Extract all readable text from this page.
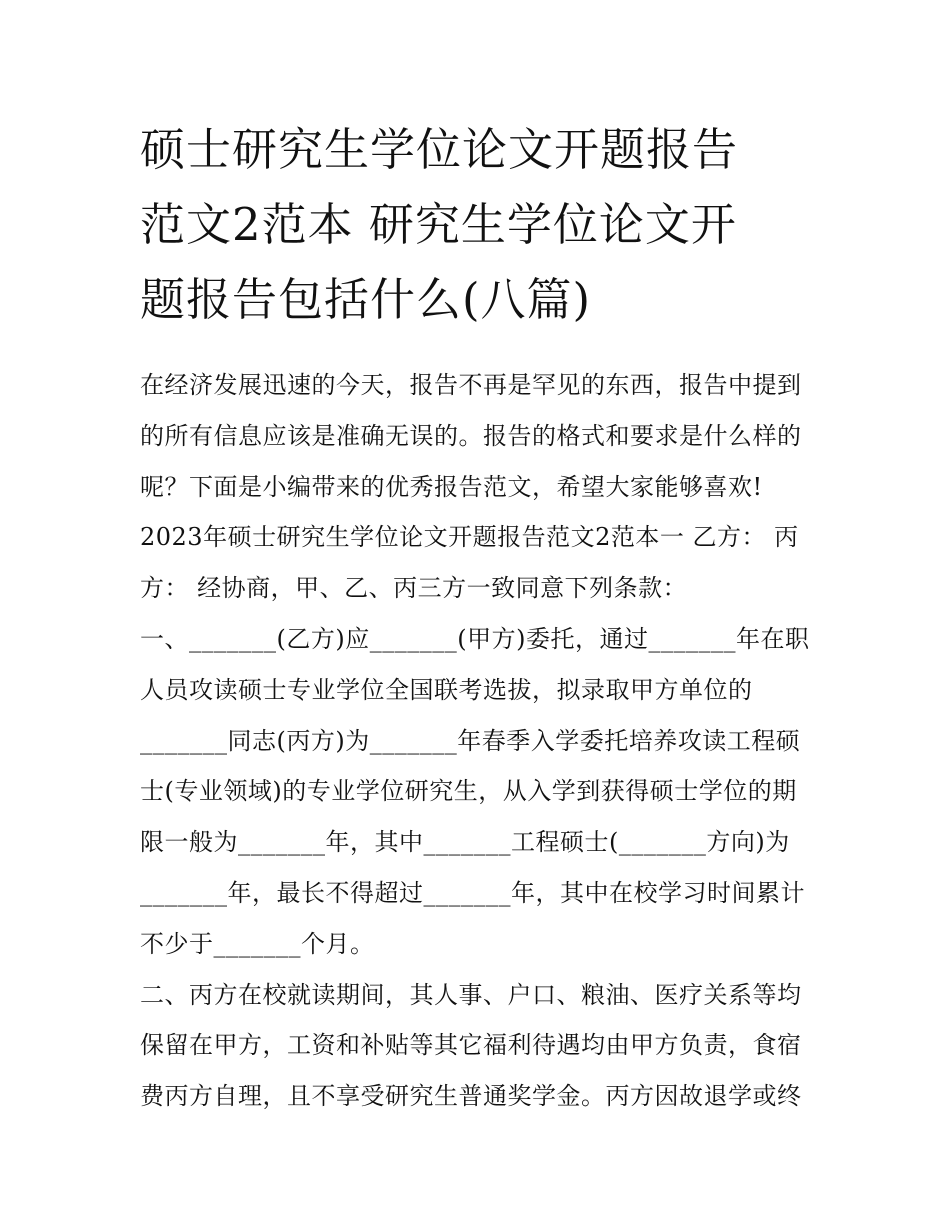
硕士研究生学位论文开题报告
范文2范本 研究生学位论文开
题报告包括什么(八篇)
在经济发展迅速的今天，报告不再是罕见的东西，报告中提到
的所有信息应该是准确无误的。报告的格式和要求是什么样的
呢？下面是小编带来的优秀报告范文，希望大家能够喜欢!
2023年硕士研究生学位论文开题报告范文2范本一 乙方： 丙
方： 经协商，甲、乙、丙三方一致同意下列条款：
一、_______(乙方)应_______(甲方)委托，通过_______年在职
人员攻读硕士专业学位全国联考选拔，拟录取甲方单位的
_______同志(丙方)为_______年春季入学委托培养攻读工程硕
士(专业领域)的专业学位研究生，从入学到获得硕士学位的期
限一般为_______年，其中_______工程硕士(_______方向)为
_______年，最长不得超过_______年，其中在校学习时间累计
不少于_______个月。
二、丙方在校就读期间，其人事、户口、粮油、医疗关系等均
保留在甲方，工资和补贴等其它福利待遇均由甲方负责，食宿
费丙方自理，且不享受研究生普通奖学金。丙方因故退学或终
